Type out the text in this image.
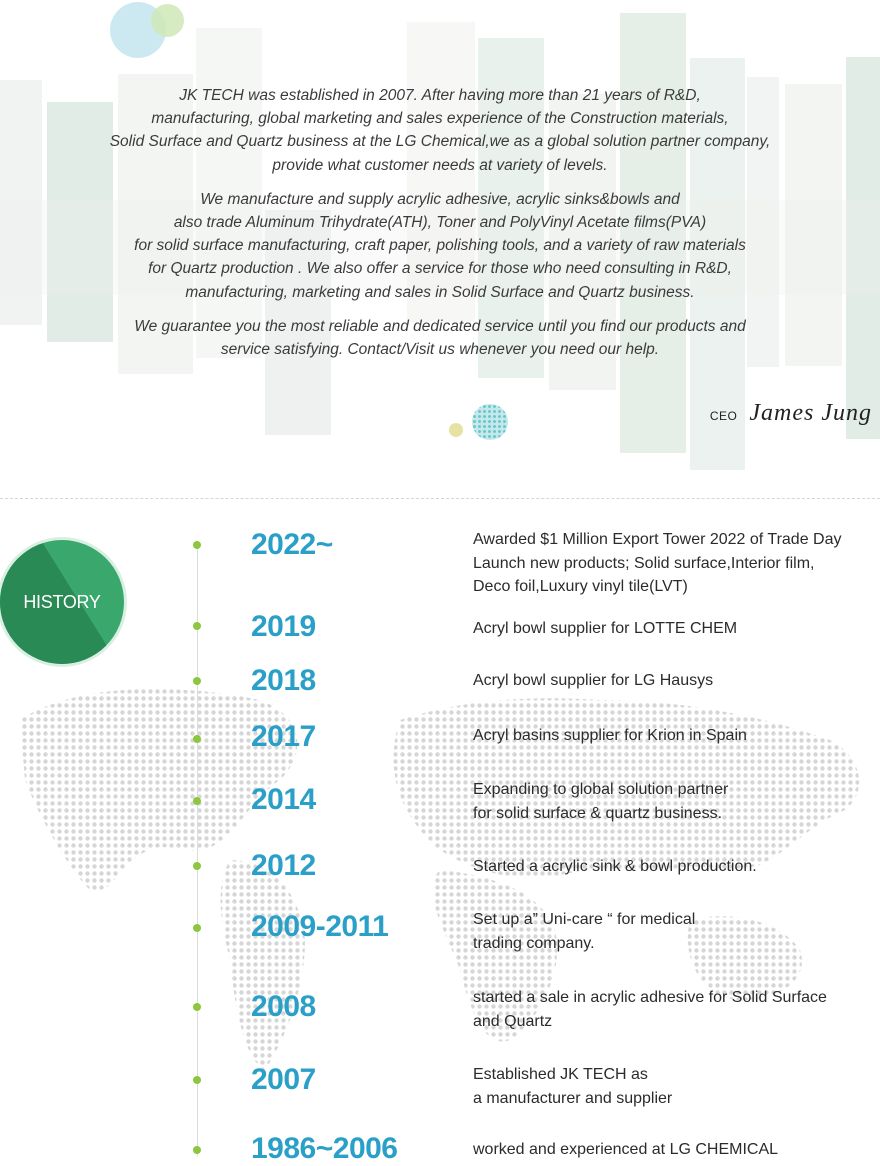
JK TECH was established in 2007. After having more than 21 years of R&D,
manufacturing, global marketing and sales experience of the Construction materials,
Solid Surface and Quartz business at the LG Chemical,we as a global solution partner company,
provide what customer needs at variety of levels.

We manufacture and supply acrylic adhesive, acrylic sinks&bowls and
also trade Aluminum Trihydrate(ATH), Toner and PolyVinyl Acetate films(PVA)
for solid surface manufacturing, craft paper, polishing tools, and a variety of raw materials
for Quartz production . We also offer a service for those who need consulting in R&D,
manufacturing, marketing and sales in Solid Surface and Quartz business.

We guarantee you the most reliable and dedicated service until you find our products and
service satisfying. Contact/Visit us whenever you need our help.

CEO James Jung
HISTORY
2022~	Awarded $1 Million Export Tower 2022 of Trade Day
Launch new products; Solid surface,Interior film,
Deco foil,Luxury vinyl tile(LVT)
2019	Acryl bowl supplier for LOTTE CHEM
2018	Acryl bowl supplier for LG Hausys
2017	Acryl basins supplier for Krion in Spain
2014	Expanding to global solution partner
for solid surface & quartz business.
2012	Started a acrylic sink & bowl production.
2009-2011	Set up a” Uni-care “ for medical
trading company.
2008	started a sale in acrylic adhesive for Solid Surface
and Quartz
2007	Established JK TECH as
a manufacturer and supplier
1986~2006	worked and experienced at LG CHEMICAL
